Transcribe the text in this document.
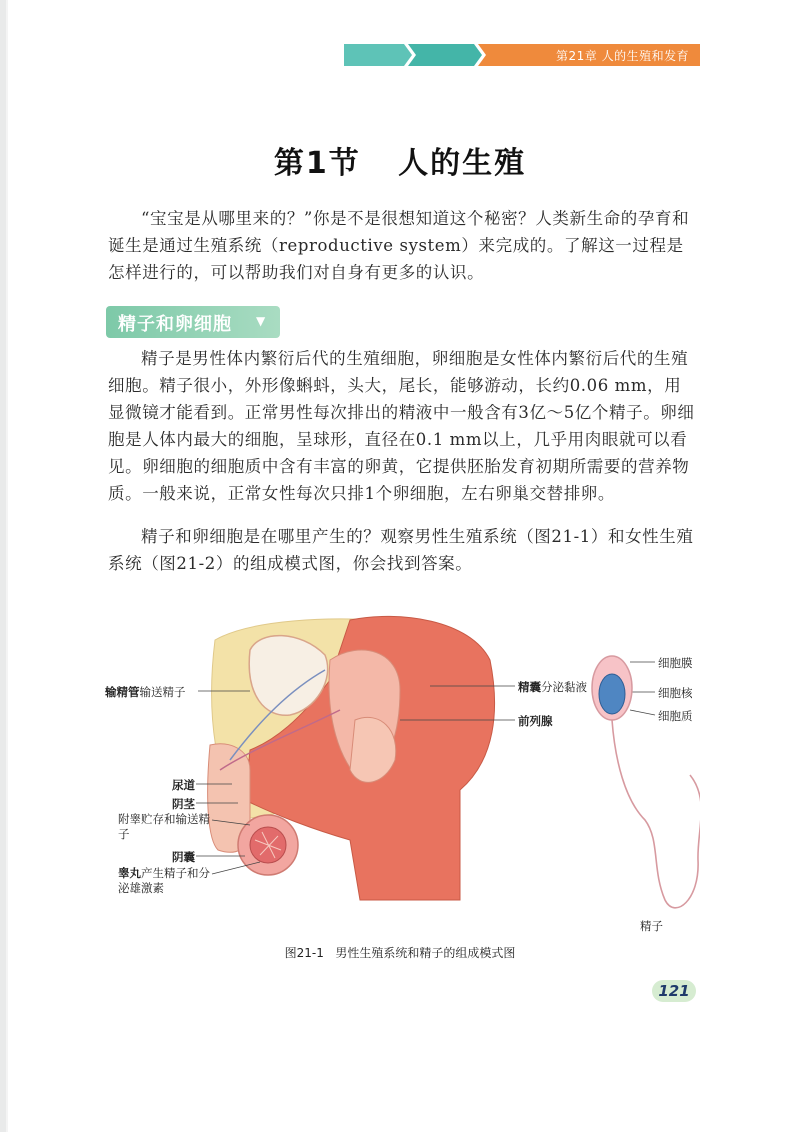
第21章 人的生殖和发育
第1节   人的生殖
“宝宝是从哪里来的？”你是不是很想知道这个秘密？人类新生命的孕育和诞生是通过生殖系统（reproductive system）来完成的。了解这一过程是怎样进行的，可以帮助我们对自身有更多的认识。
精子和卵细胞 ▼
精子是男性体内繁衍后代的生殖细胞，卵细胞是女性体内繁衍后代的生殖细胞。精子很小，外形像蝌蚪，头大，尾长，能够游动，长约0.06 mm，用显微镜才能看到。正常男性每次排出的精液中一般含有3亿～5亿个精子。卵细胞是人体内最大的细胞，呈球形，直径在0.1 mm以上，几乎用肉眼就可以看见。卵细胞的细胞质中含有丰富的卵黄，它提供胚胎发育初期所需要的营养物质。一般来说，正常女性每次只排1个卵细胞，左右卵巢交替排卵。
精子和卵细胞是在哪里产生的？观察男性生殖系统（图21-1）和女性生殖系统（图21-2）的组成模式图，你会找到答案。
输精管输送精子
尿道
阴茎
附睾贮存和输送精子
阴囊
睾丸产生精子和分泌雄激素
精囊分泌黏液
前列腺
细胞膜
细胞核
细胞质
精子
图21-1   男性生殖系统和精子的组成模式图
121
